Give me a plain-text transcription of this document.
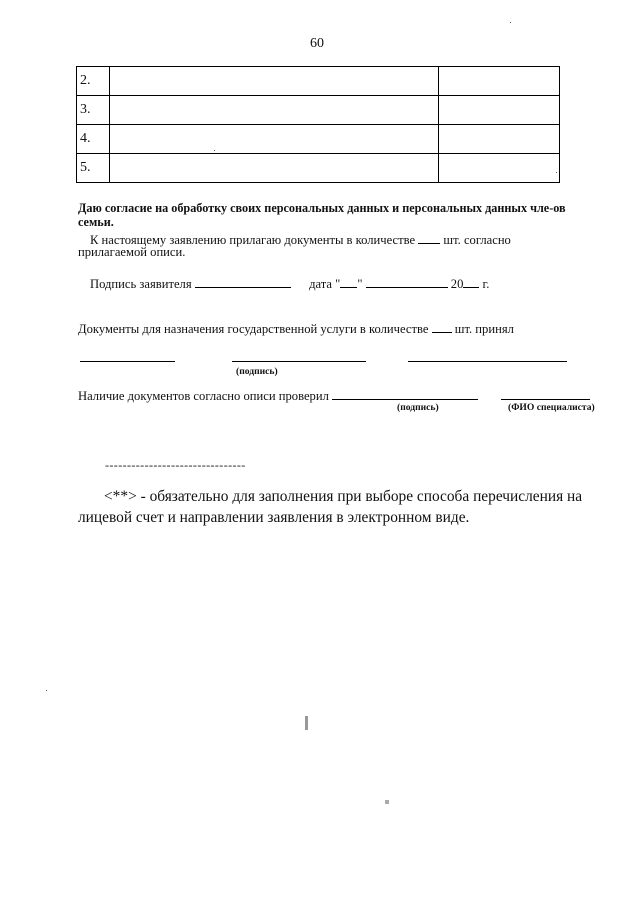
60
2.		
3.		
4.		
5.		
Даю согласие на обработку своих персональных данных и персональных данных чле-ов семьи.
К настоящему заявлению прилагаю документы в количестве шт. согласно
прилагаемой описи.
Подпись заявителя	дата " "	20 г.
Документы для назначения государственной услуги в количестве шт. принял
(подпись)
Наличие документов согласно описи проверил
(подпись)	(ФИО специалиста)
--------------------------------
<**> - обязательно для заполнения при выборе способа перечисления на лицевой счет и направлении заявления в электронном виде.
